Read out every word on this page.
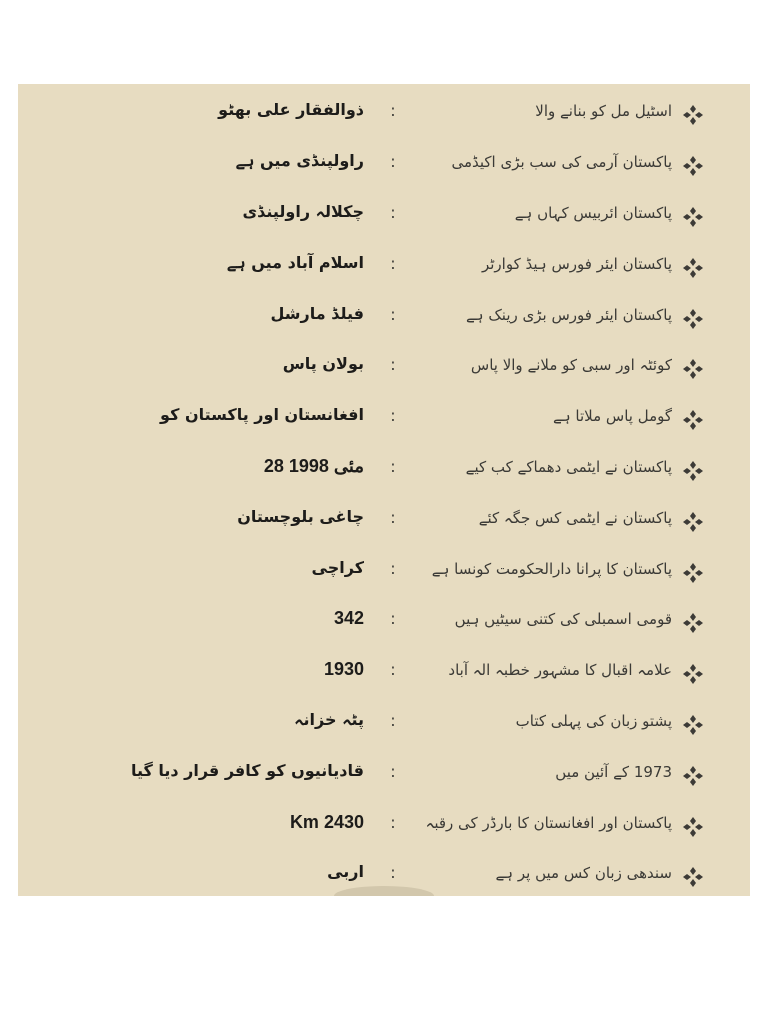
اسٹیل مل کو بنانے والا
:
ذوالفقار علی بھٹو
پاکستان آرمی کی سب بڑی اکیڈمی
:
راولپنڈی میں ہے
پاکستان ائربیس کہاں ہے
:
چکلالہ راولپنڈی
پاکستان ایئر فورس ہیڈ کوارٹر
:
اسلام آباد میں ہے
پاکستان ایئر فورس بڑی رینک ہے
:
فیلڈ مارشل
کوئٹہ اور سبی کو ملانے والا پاس
:
بولان پاس
گومل پاس ملاتا ہے
:
افغانستان اور پاکستان کو
پاکستان نے ایٹمی دھماکے کب کیے
:
28 مئی 1998
پاکستان نے ایٹمی کس جگہ کئے
:
چاغی بلوچستان
پاکستان کا پرانا دارالحکومت کونسا ہے
:
کراچی
قومی اسمبلی کی کتنی سیٹیں ہیں
:
342
علامہ اقبال کا مشہور خطبہ الہ آباد
:
1930
پشتو زبان کی پہلی کتاب
:
پٹہ خزانہ
1973 کے آئین میں
:
قادیانیوں کو کافر قرار دیا گیا
پاکستان اور افغانستان کا بارڈر کی رقبہ
:
Km 2430
سندھی زبان کس میں پر ہے
:
اربی
